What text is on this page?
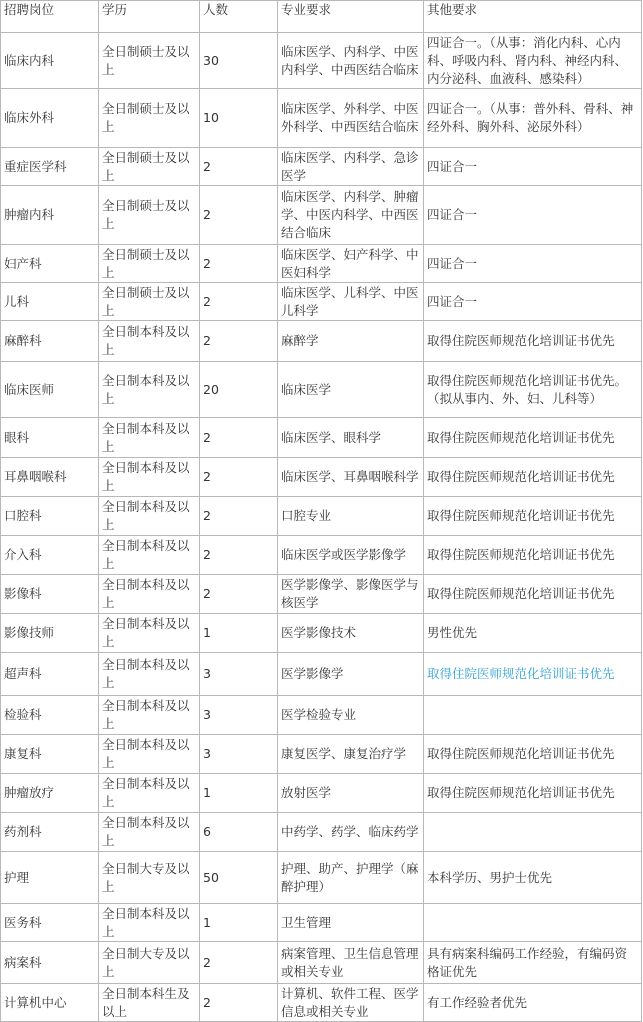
招聘岗位	学历	人数	专业要求	其他要求
临床内科	全日制硕士及以上	30	临床医学、内科学、中医内科学、中西医结合临床	四证合一。（从事：消化内科、心内科、呼吸内科、肾内科、神经内科、内分泌科、血液科、感染科）
临床外科	全日制硕士及以上	10	临床医学、外科学、中医外科学、中西医结合临床	四证合一。（从事：普外科、骨科、神经外科、胸外科、泌尿外科）
重症医学科	全日制硕士及以上	2	临床医学、内科学、急诊医学	四证合一
肿瘤内科	全日制硕士及以上	2	临床医学、内科学、肿瘤学、中医内科学、中西医结合临床	四证合一
妇产科	全日制硕士及以上	2	临床医学、妇产科学、中医妇科学	四证合一
儿科	全日制硕士及以上	2	临床医学、儿科学、中医儿科学	四证合一
麻醉科	全日制本科及以上	2	麻醉学	取得住院医师规范化培训证书优先
临床医师	全日制本科及以上	20	临床医学	取得住院医师规范化培训证书优先。（拟从事内、外、妇、儿科等）
眼科	全日制本科及以上	2	临床医学、眼科学	取得住院医师规范化培训证书优先
耳鼻咽喉科	全日制本科及以上	2	临床医学、耳鼻咽喉科学	取得住院医师规范化培训证书优先
口腔科	全日制本科及以上	2	口腔专业	取得住院医师规范化培训证书优先
介入科	全日制本科及以上	2	临床医学或医学影像学	取得住院医师规范化培训证书优先
影像科	全日制本科及以上	2	医学影像学、影像医学与核医学	取得住院医师规范化培训证书优先
影像技师	全日制本科及以上	1	医学影像技术	男性优先
超声科	全日制本科及以上	3	医学影像学	取得住院医师规范化培训证书优先
检验科	全日制本科及以上	3	医学检验专业	
康复科	全日制本科及以上	3	康复医学、康复治疗学	取得住院医师规范化培训证书优先
肿瘤放疗	全日制本科及以上	1	放射医学	取得住院医师规范化培训证书优先
药剂科	全日制本科及以上	6	中药学、药学、临床药学	
护理	全日制大专及以上	50	护理、助产、护理学（麻醉护理）	本科学历、男护士优先
医务科	全日制本科及以上	1	卫生管理	
病案科	全日制大专及以上	2	病案管理、卫生信息管理或相关专业	具有病案科编码工作经验，有编码资格证优先
计算机中心	全日制本科生及以上	2	计算机、软件工程、医学信息或相关专业	有工作经验者优先
